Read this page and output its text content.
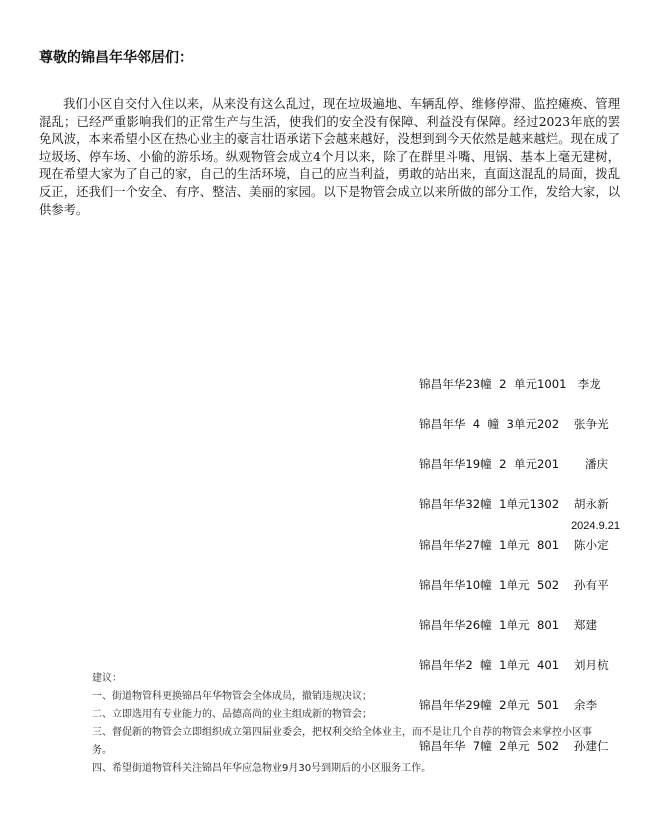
尊敬的锦昌年华邻居们：
我们小区自交付入住以来，从来没有这么乱过，现在垃圾遍地、车辆乱停、维修停滞、监控瘫痪、管理混乱；已经严重影响我们的正常生产与生活，使我们的安全没有保障、利益没有保障。经过2023年底的罢免风波，本来希望小区在热心业主的豪言壮语承诺下会越来越好，没想到到今天依然是越来越烂。现在成了垃圾场、停车场、小偷的游乐场。纵观物管会成立4个月以来，除了在群里斗嘴、甩锅、基本上毫无建树，现在希望大家为了自己的家，自己的生活环境，自己的应当利益，勇敢的站出来，直面这混乱的局面，拨乱反正，还我们一个安全、有序、整洁、美丽的家园。以下是物管会成立以来所做的部分工作，发给大家，以供参考。

锦昌年华23幢  2  单元1001   李龙

锦昌年华  4  幢  3单元202    张争光

锦昌年华19幢  2  单元201       潘庆

锦昌年华32幢  1单元1302    胡永新

锦昌年华27幢  1单元  801    陈小定

锦昌年华10幢  1单元  502    孙有平

锦昌年华26幢  1单元  801    郑建

锦昌年华2  幢  1单元  401    刘月杭

锦昌年华29幢  2单元  501    余李

锦昌年华  7幢  2单元  502    孙建仁

2024.9.21
建议：
一、街道物管科更换锦昌年华物管会全体成员，撤销违规决议；
二、立即选用有专业能力的、品德高尚的业主组成新的物管会；
三、督促新的物管会立即组织成立第四届业委会，把权利交给全体业主，而不是让几个自荐的物管会来掌控小区事务。
四、希望街道物管科关注锦昌年华应急物业9月30号到期后的小区服务工作。
